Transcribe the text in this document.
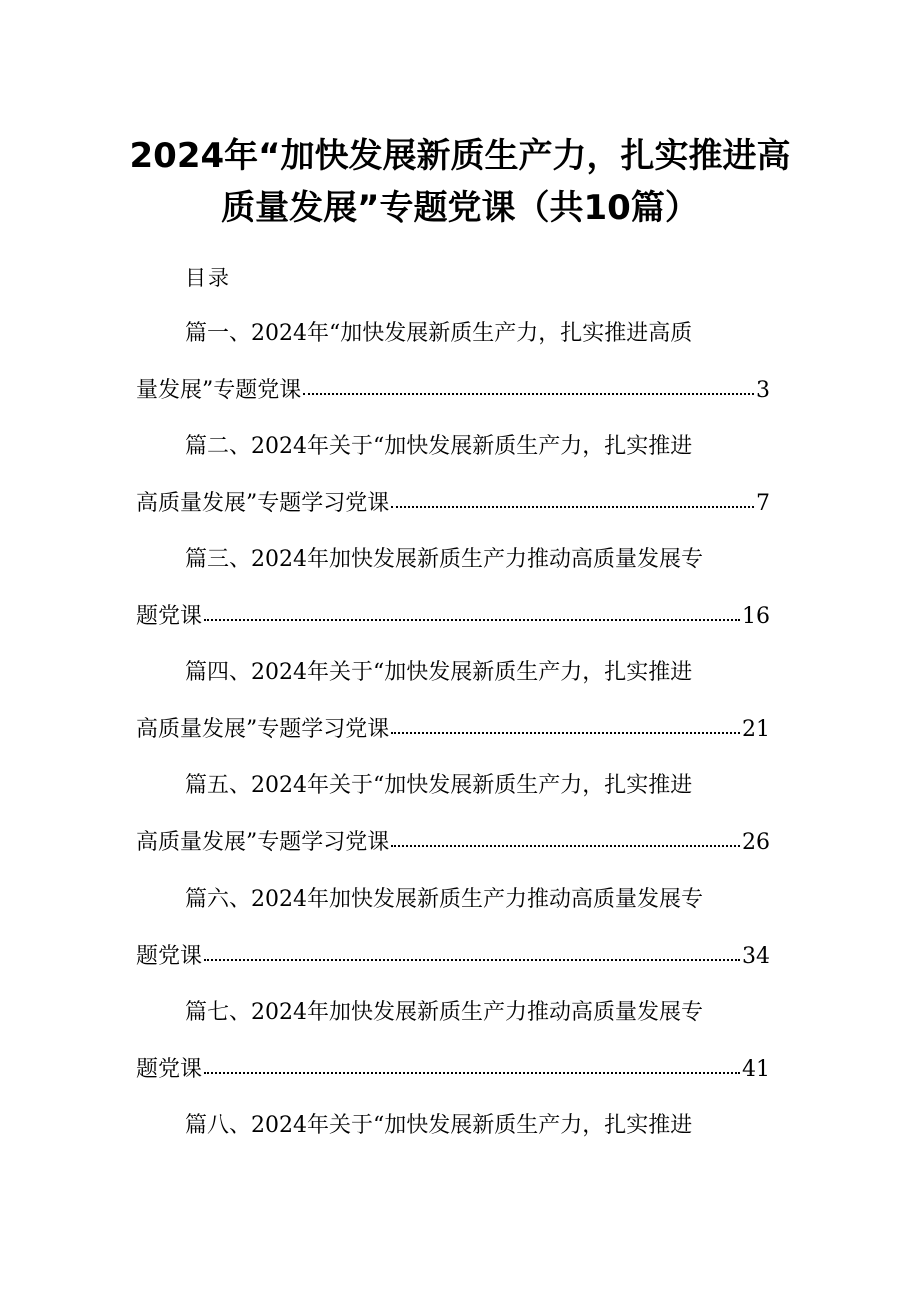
2024年“加快发展新质生产力，扎实推进高
质量发展”专题党课（共10篇）
目录
篇一、2024年“加快发展新质生产力，扎实推进高质
量发展”专题党课	3
篇二、2024年关于“加快发展新质生产力，扎实推进
高质量发展”专题学习党课	7
篇三、2024年加快发展新质生产力推动高质量发展专
题党课	16
篇四、2024年关于“加快发展新质生产力，扎实推进
高质量发展”专题学习党课	21
篇五、2024年关于“加快发展新质生产力，扎实推进
高质量发展”专题学习党课	26
篇六、2024年加快发展新质生产力推动高质量发展专
题党课	34
篇七、2024年加快发展新质生产力推动高质量发展专
题党课	41
篇八、2024年关于“加快发展新质生产力，扎实推进
